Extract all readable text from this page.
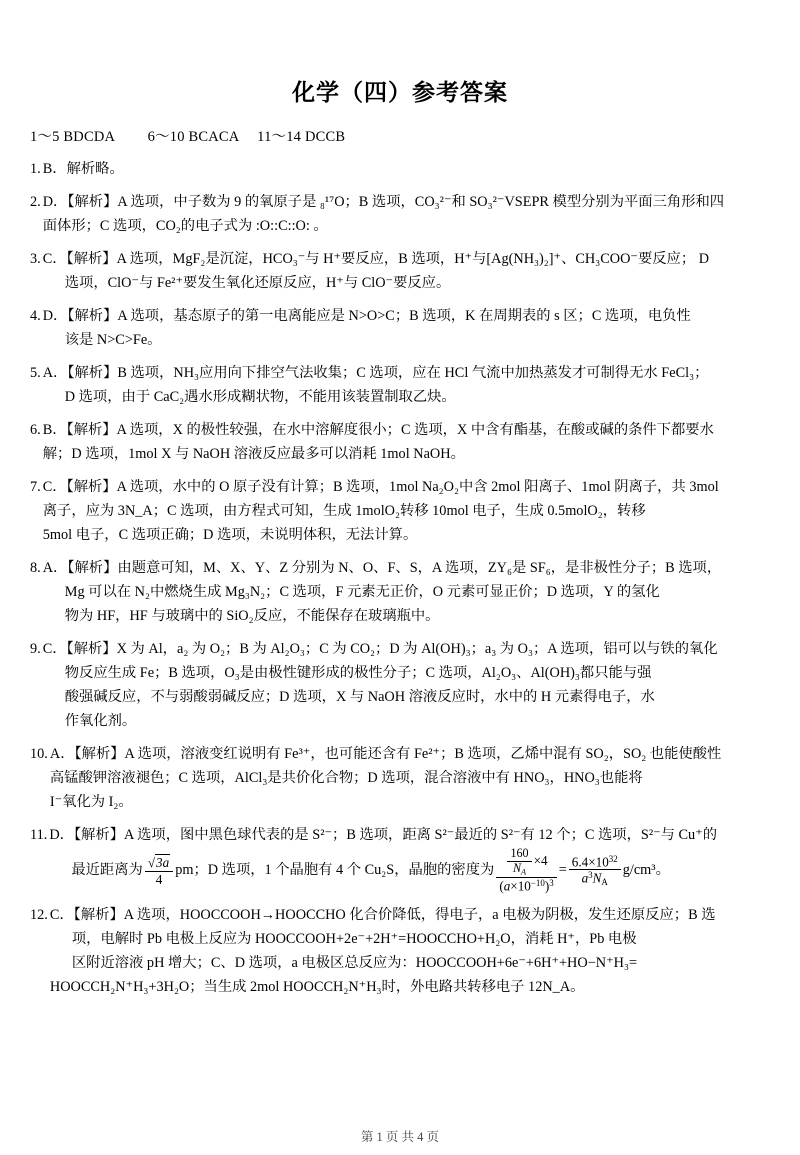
化学（四）参考答案
1～5 BDCDA　　 6～10 BCACA　 11～14 DCCB
1. B．解析略。
2. D．【解析】A 选项，中子数为 9 的氧原子是 ₈¹⁷O；B 选项，CO₃²⁻和 SO₃²⁻VSEPR 模型分别为平面三角形和四
面体形；C 选项，CO₂的电子式为 :O::C::O: 。
3. C．【解析】A 选项，MgF₂是沉淀，HCO₃⁻与 H⁺要反应，B 选项，H⁺与[Ag(NH₃)₂]⁺、CH₃COO⁻要反应； D
选项，ClO⁻与 Fe²⁺要发生氧化还原反应，H⁺与 ClO⁻要反应。
4. D．【解析】A 选项，基态原子的第一电离能应是 N>O>C；B 选项，K 在周期表的 s 区；C 选项，电负性
该是 N>C>Fe。
5. A．【解析】B 选项，NH₃应用向下排空气法收集；C 选项，应在 HCl 气流中加热蒸发才可制得无水 FeCl₃；
D 选项，由于 CaC₂遇水形成糊状物，不能用该装置制取乙炔。
6. B．【解析】A 选项，X 的极性较强，在水中溶解度很小；C 选项，X 中含有酯基，在酸或碱的条件下都要水
解；D 选项，1mol X 与 NaOH 溶液反应最多可以消耗 1mol NaOH。
7. C．【解析】A 选项，水中的 O 原子没有计算；B 选项，1mol Na₂O₂中含 2mol 阳离子、1mol 阴离子，共 3mol
离子，应为 3N_A；C 选项，由方程式可知，生成 1molO₂转移 10mol 电子，生成 0.5molO₂，转移
5mol 电子，C 选项正确；D 选项，未说明体积，无法计算。
8. A．【解析】由题意可知，M、X、Y、Z 分别为 N、O、F、S，A 选项，ZY₆是 SF₆，是非极性分子；B 选项，
Mg 可以在 N₂中燃烧生成 Mg₃N₂；C 选项，F 元素无正价，O 元素可显正价；D 选项，Y 的氢化
物为 HF，HF 与玻璃中的 SiO₂反应，不能保存在玻璃瓶中。
9. C．【解析】X 为 Al，a₂ 为 O₂；B 为 Al₂O₃；C 为 CO₂；D 为 Al(OH)₃；a₃ 为 O₃；A 选项，铝可以与铁的氧化
物反应生成 Fe；B 选项，O₃是由极性键形成的极性分子；C 选项，Al₂O₃、Al(OH)₃都只能与强
酸强碱反应，不与弱酸弱碱反应；D 选项，X 与 NaOH 溶液反应时，水中的 H 元素得电子，水
作氧化剂。
10. A．【解析】A 选项，溶液变红说明有 Fe³⁺，也可能还含有 Fe²⁺；B 选项，乙烯中混有 SO₂，SO₂ 也能使酸性
高锰酸钾溶液褪色；C 选项，AlCl₃是共价化合物；D 选项，混合溶液中有 HNO₃，HNO₃也能将
I⁻氧化为 I₂。
11. D．【解析】A 选项，图中黑色球代表的是 S²⁻；B 选项，距离 S²⁻最近的 S²⁻有 12 个；C 选项，S²⁻与 Cu⁺的
最近距离为 $\frac{√3a}{4}$ pm；D 选项，1 个晶胞有 4 个 Cu₂S，晶胞的密度为 $\frac{\frac{160}{N_A} \times 4}{(a\times 10^{-10})^3} = \frac{6.4\times 10^{32}}{a^3N_A} g/cm^3$。
12. C．【解析】A 选项，HOOCCOOH→HOOCCHO 化合价降低，得电子，a 电极为阴极，发生还原反应；B 选
项，电解时 Pb 电极上反应为 HOOCCOOH+2e⁻+2H⁺=HOOCCHO+H₂O，消耗 H⁺，Pb 电极
区附近溶液 pH 增大；C、D 选项，a 电极区总反应为：HOOCCOOH+6e⁻+6H⁺+HO−N⁺H₃=
HOOCCH₂N⁺H₃+3H₂O；当生成 2mol HOOCCH₂N⁺H₃时，外电路共转移电子 12N_A。
第 1 页 共 4 页
